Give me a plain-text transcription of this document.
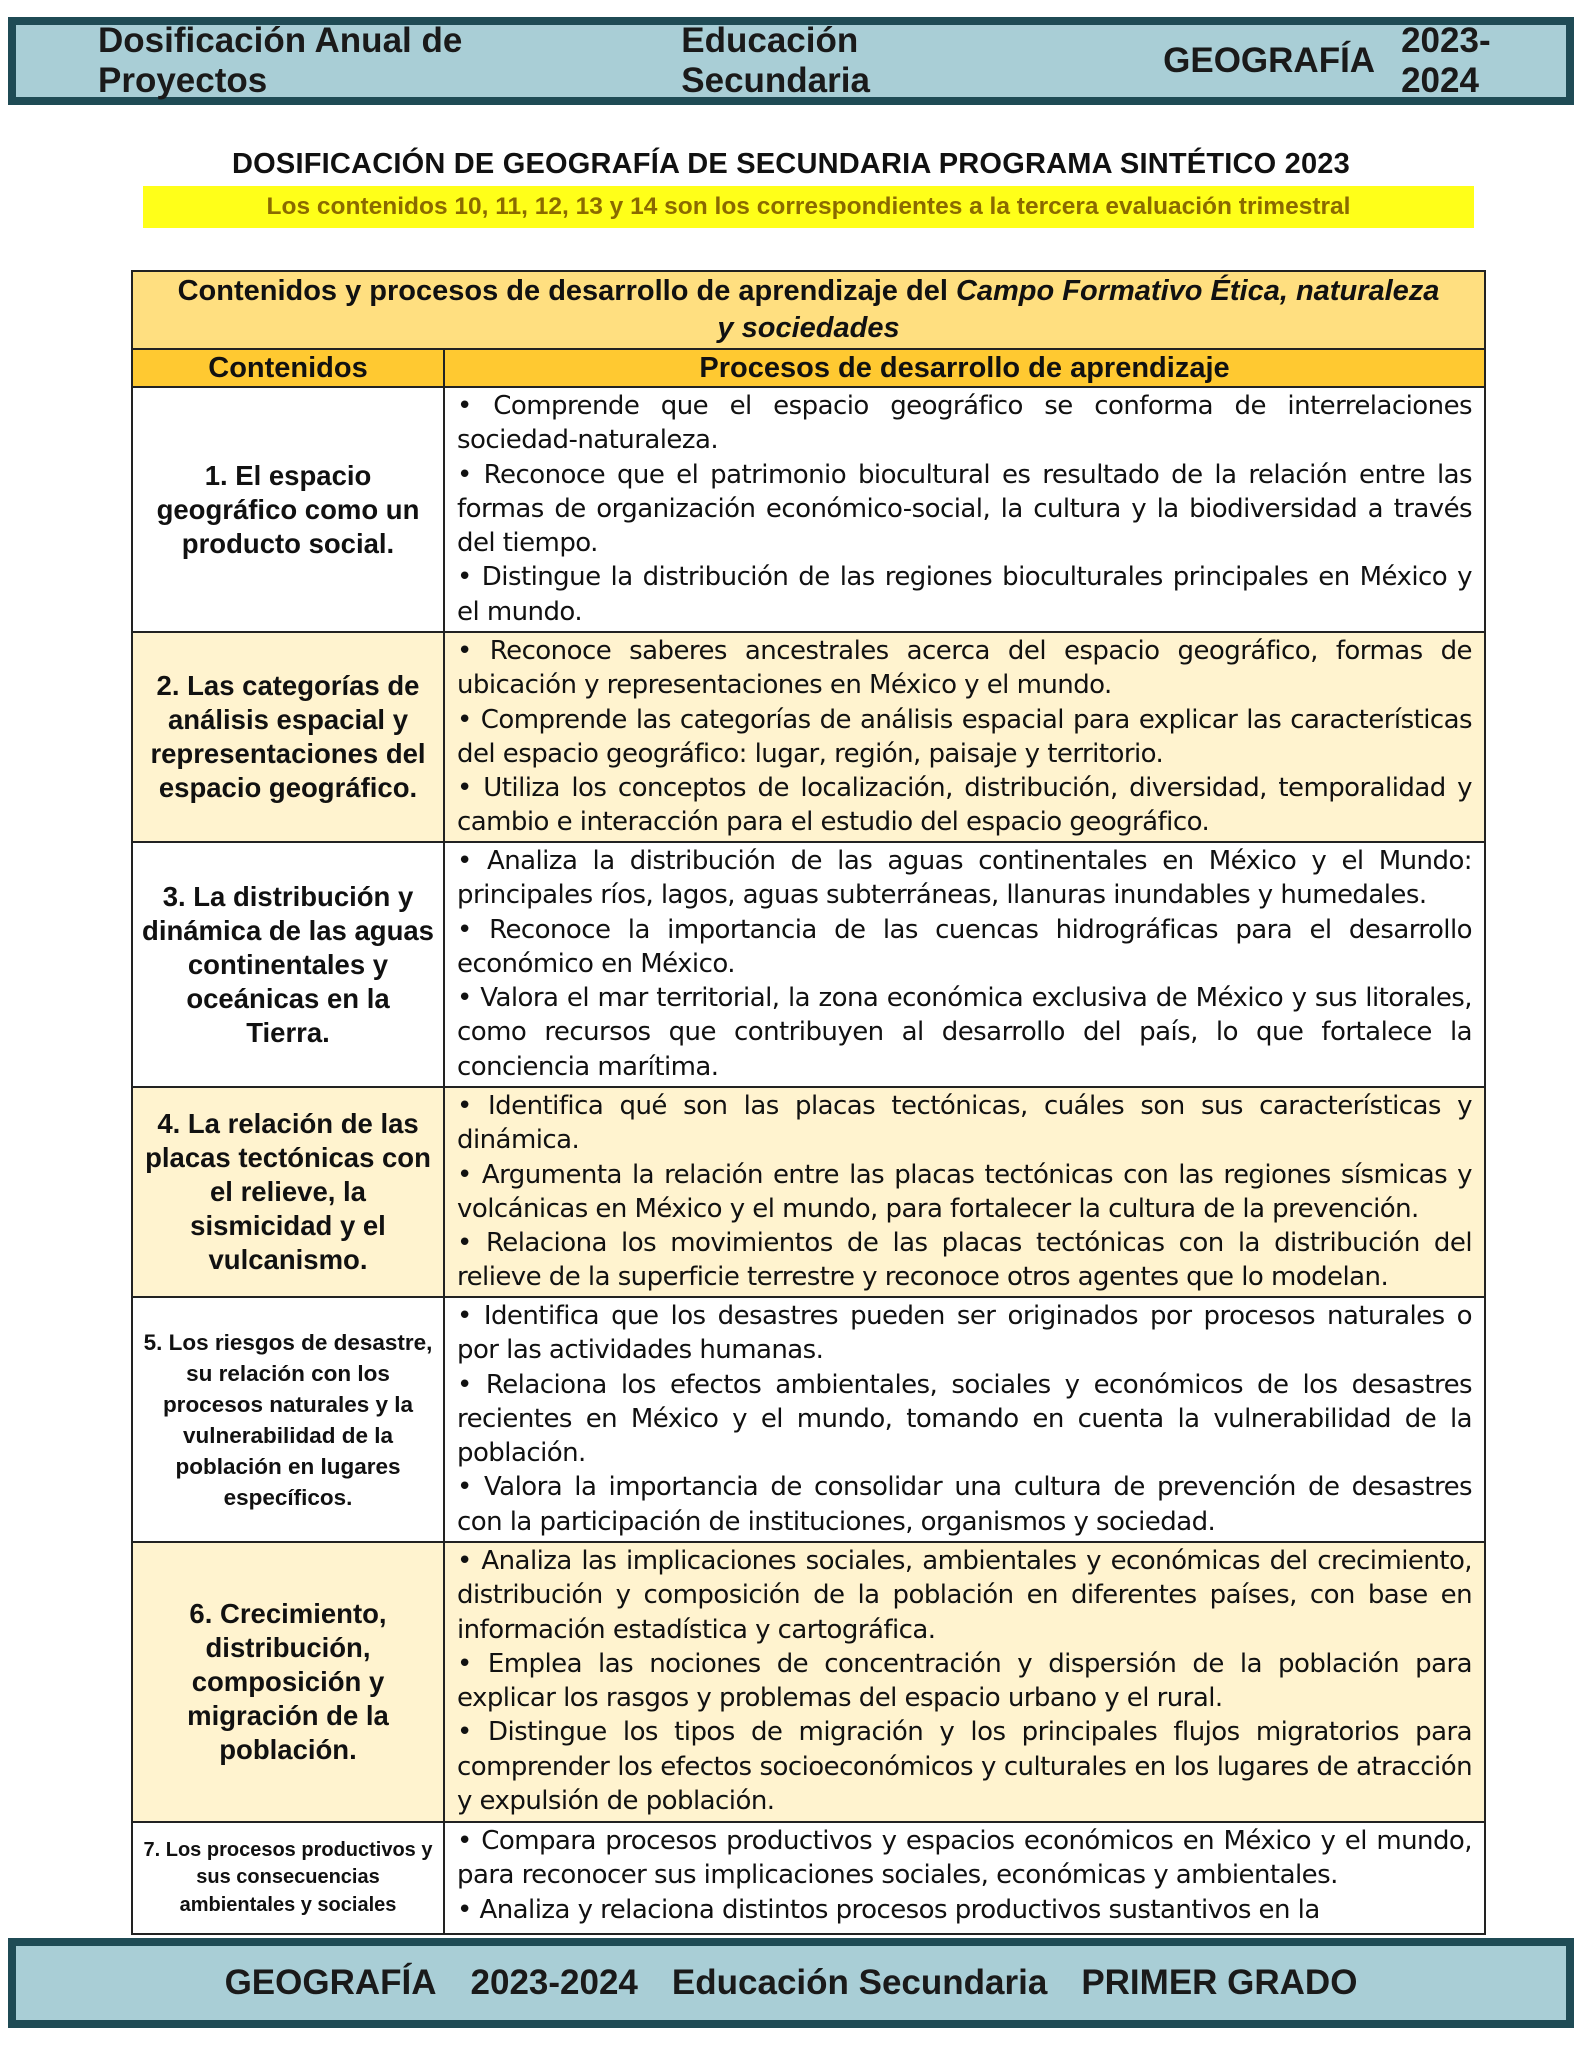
Dosificación Anual de Proyectos
Educación Secundaria
GEOGRAFÍA
2023-2024
DOSIFICACIÓN DE GEOGRAFÍA DE SECUNDARIA PROGRAMA SINTÉTICO 2023
Los contenidos 10, 11, 12, 13 y 14 son los correspondientes a la tercera evaluación trimestral
Contenidos y procesos de desarrollo de aprendizaje del Campo Formativo Ética, naturaleza y sociedades	
Contenidos	Procesos de desarrollo de aprendizaje
1. El espacio geográfico como un producto social.	• Comprende que el espacio geográfico se conforma de interrelaciones sociedad-naturaleza.

• Reconoce que el patrimonio biocultural es resultado de la relación entre las formas de organización económico-social, la cultura y la biodiversidad a través del tiempo.

• Distingue la distribución de las regiones bioculturales principales en México y el mundo.

2. Las categorías de análisis espacial y representaciones del espacio geográfico.	• Reconoce saberes ancestrales acerca del espacio geográfico, formas de ubicación y representaciones en México y el mundo.

• Comprende las categorías de análisis espacial para explicar las características del espacio geográfico: lugar, región, paisaje y territorio.

• Utiliza los conceptos de localización, distribución, diversidad, temporalidad y cambio e interacción para el estudio del espacio geográfico.

3. La distribución y dinámica de las aguas continentales y oceánicas en la Tierra.	• Analiza la distribución de las aguas continentales en México y el Mundo: principales ríos, lagos, aguas subterráneas, llanuras inundables y humedales.

• Reconoce la importancia de las cuencas hidrográficas para el desarrollo económico en México.

• Valora el mar territorial, la zona económica exclusiva de México y sus litorales, como recursos que contribuyen al desarrollo del país, lo que fortalece la conciencia marítima.

4. La relación de las placas tectónicas con el relieve, la sismicidad y el vulcanismo.	• Identifica qué son las placas tectónicas, cuáles son sus características y dinámica.

• Argumenta la relación entre las placas tectónicas con las regiones sísmicas y volcánicas en México y el mundo, para fortalecer la cultura de la prevención.

• Relaciona los movimientos de las placas tectónicas con la distribución del relieve de la superficie terrestre y reconoce otros agentes que lo modelan.

5. Los riesgos de desastre, su relación con los procesos naturales y la vulnerabilidad de la población en lugares específicos.	• Identifica que los desastres pueden ser originados por procesos naturales o por las actividades humanas.

• Relaciona los efectos ambientales, sociales y económicos de los desastres recientes en México y el mundo, tomando en cuenta la vulnerabilidad de la población.

• Valora la importancia de consolidar una cultura de prevención de desastres con la participación de instituciones, organismos y sociedad.

6. Crecimiento, distribución, composición y migración de la población.	• Analiza las implicaciones sociales, ambientales y económicas del crecimiento, distribución y composición de la población en diferentes países, con base en información estadística y cartográfica.

• Emplea las nociones de concentración y dispersión de la población para explicar los rasgos y problemas del espacio urbano y el rural.

• Distingue los tipos de migración y los principales flujos migratorios para comprender los efectos socioeconómicos y culturales en los lugares de atracción y expulsión de población.

7. Los procesos productivos y sus consecuencias ambientales y sociales	• Compara procesos productivos y espacios económicos en México y el mundo, para reconocer sus implicaciones sociales, económicas y ambientales.

• Analiza y relaciona distintos procesos productivos sustantivos en la

GEOGRAFÍA 2023-2024 Educación Secundaria PRIMER GRADO
